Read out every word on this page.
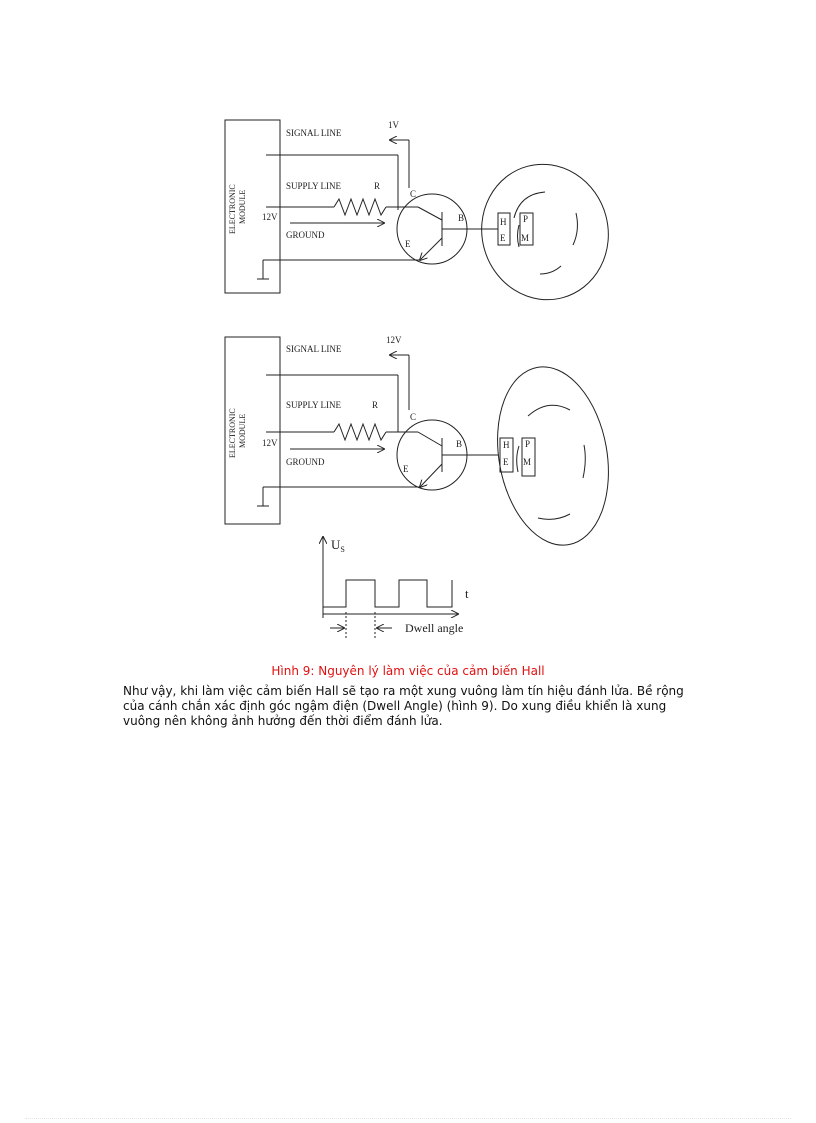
ELECTRONIC MODULE
SIGNAL LINE
SUPPLY LINE
GROUND
12V
R
1V
C
B
E
H
E
P
M
ELECTRONIC MODULE
SIGNAL LINE
SUPPLY LINE
GROUND
12V
R
12V
C
B
E
H
E
P
M
$U_S$
t
Dwell angle
Hình 9: Nguyên lý làm việc của cảm biến Hall
Như vậy, khi làm việc cảm biến Hall sẽ tạo ra một xung vuông làm tín hiệu đánh lửa. Bề rộng của cánh chắn xác định góc ngậm điện (Dwell Angle) (hình 9). Do xung điều khiển là xung vuông nên không ảnh hưởng đến thời điểm đánh lửa.
